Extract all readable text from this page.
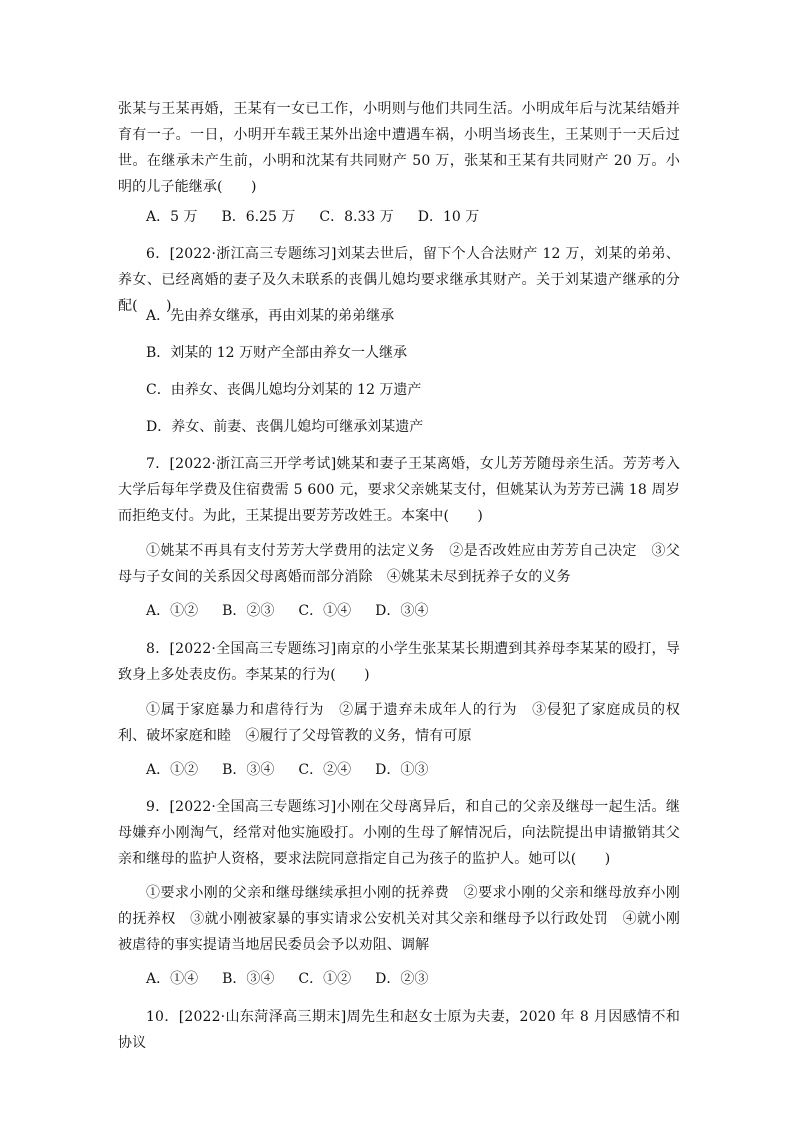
张某与王某再婚，王某有一女已工作，小明则与他们共同生活。小明成年后与沈某结婚并育有一子。一日，小明开车载王某外出途中遭遇车祸，小明当场丧生，王某则于一天后过世。在继承未产生前，小明和沈某有共同财产 50 万，张某和王某有共同财产 20 万。小明的儿子能继承(　　)

A．5 万 B．6.25 万 C．8.33 万 D．10 万

6．[2022·浙江高三专题练习]刘某去世后，留下个人合法财产 12 万，刘某的弟弟、养女、已经离婚的妻子及久未联系的丧偶儿媳均要求继承其财产。关于刘某遗产继承的分配(　　)

A．先由养女继承，再由刘某的弟弟继承
B．刘某的 12 万财产全部由养女一人继承
C．由养女、丧偶儿媳均分刘某的 12 万遗产
D．养女、前妻、丧偶儿媳均可继承刘某遗产

7．[2022·浙江高三开学考试]姚某和妻子王某离婚，女儿芳芳随母亲生活。芳芳考入大学后每年学费及住宿费需 5 600 元，要求父亲姚某支付，但姚某认为芳芳已满 18 周岁而拒绝支付。为此，王某提出要芳芳改姓王。本案中(　　)

①姚某不再具有支付芳芳大学费用的法定义务　②是否改姓应由芳芳自己决定　③父母与子女间的关系因父母离婚而部分消除　④姚某未尽到抚养子女的义务

A．①② B．②③ C．①④ D．③④

8．[2022·全国高三专题练习]南京的小学生张某某长期遭到其养母李某某的殴打，导致身上多处表皮伤。李某某的行为(　　)

①属于家庭暴力和虐待行为　②属于遗弃未成年人的行为　③侵犯了家庭成员的权利、破坏家庭和睦　④履行了父母管教的义务，情有可原

A．①② B．③④ C．②④ D．①③

9．[2022·全国高三专题练习]小刚在父母离异后，和自己的父亲及继母一起生活。继母嫌弃小刚淘气，经常对他实施殴打。小刚的生母了解情况后，向法院提出申请撤销其父亲和继母的监护人资格，要求法院同意指定自己为孩子的监护人。她可以(　　)

①要求小刚的父亲和继母继续承担小刚的抚养费　②要求小刚的父亲和继母放弃小刚的抚养权　③就小刚被家暴的事实请求公安机关对其父亲和继母予以行政处罚　④就小刚被虐待的事实提请当地居民委员会予以劝阻、调解

A．①④ B．③④ C．①② D．②③

10．[2022·山东菏泽高三期末]周先生和赵女士原为夫妻，2020 年 8 月因感情不和协议
